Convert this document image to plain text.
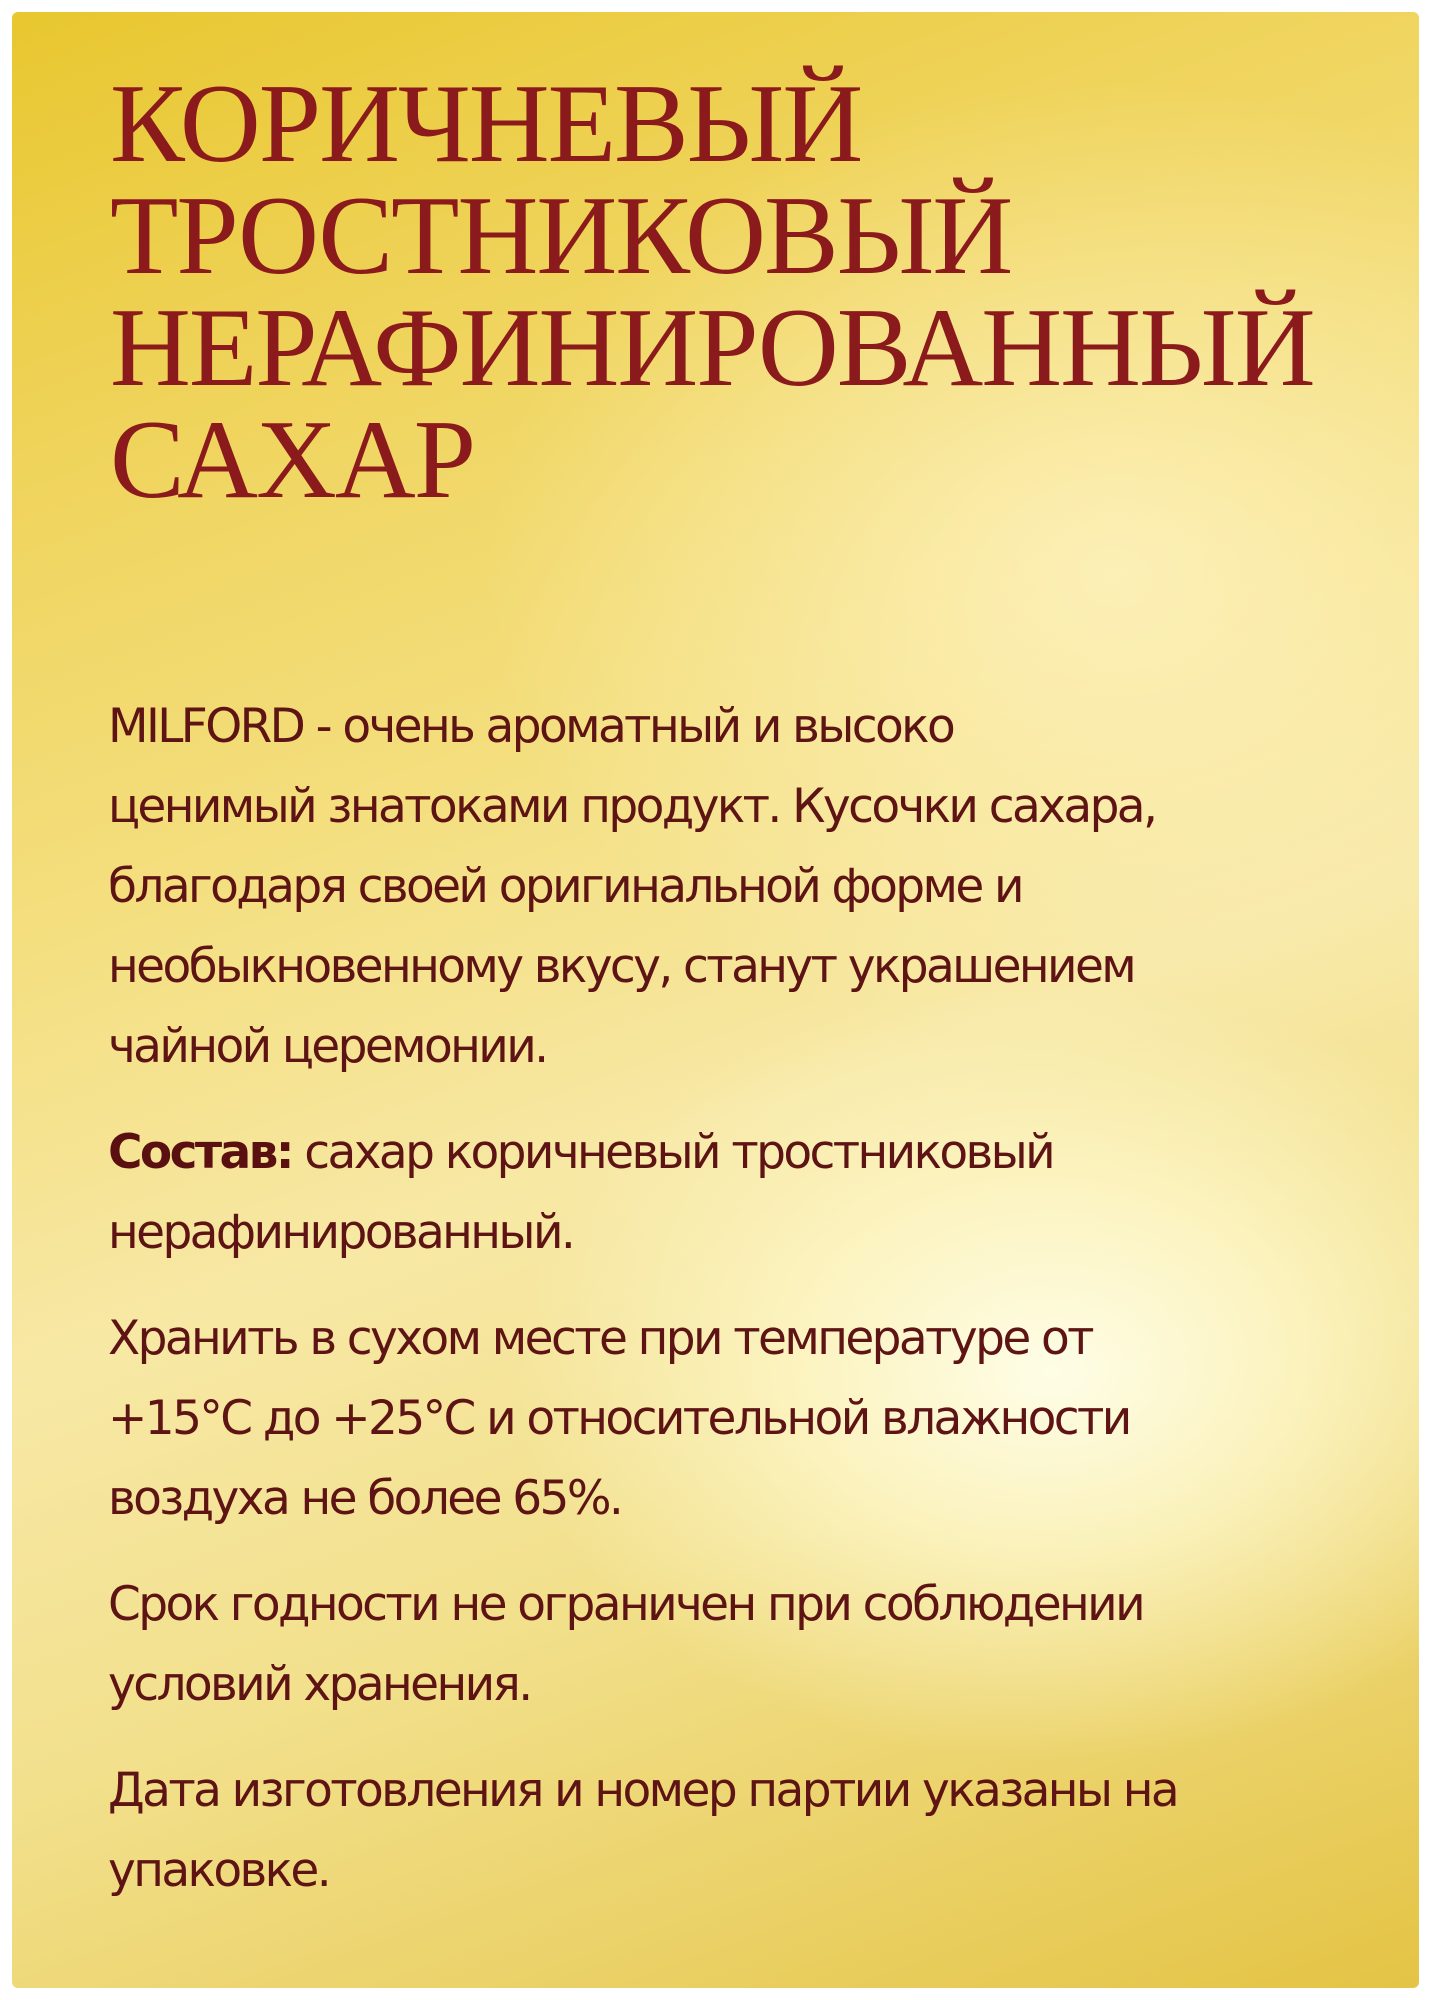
КОРИЧНЕВЫЙ
ТРОСТНИКОВЫЙ
НЕРАФИНИРОВАННЫЙ
САХАР

MILFORD - очень ароматный и высоко
ценимый знатоками продукт. Кусочки сахара,
благодаря своей оригинальной форме и
необыкновенному вкусу, станут украшением
чайной церемонии.

Состав: сахар коричневый тростниковый
нерафинированный.

Хранить в сухом месте при температуре от
+15°С до +25°С и относительной влажности
воздуха не более 65%.

Срок годности не ограничен при соблюдении
условий хранения.

Дата изготовления и номер партии указаны на
упаковке.
